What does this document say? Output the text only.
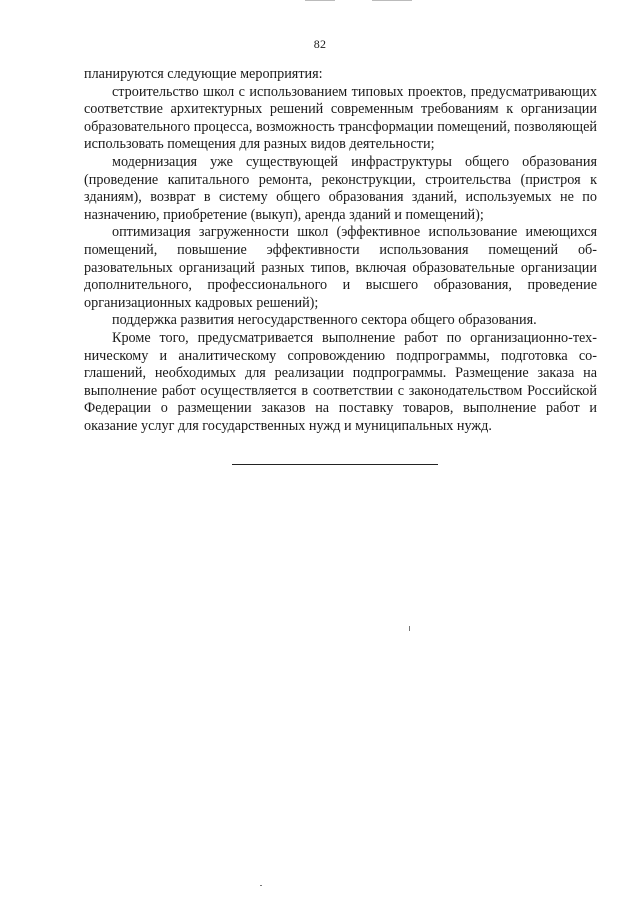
82

планируются следующие мероприятия:

строительство школ с использованием типовых проектов, предусматривающих соответствие архитектурных решений современным требованиям к организации образовательного процесса, возможность трансформации помещений, позволяющей использовать помещения для разных видов деятельности;

модернизация уже существующей инфраструктуры общего образования (проведение капитального ремонта, реконструкции, строительства (пристроя к зданиям), возврат в систему общего образования зданий, используемых не по назначению, приобретение (выкуп), аренда зданий и помещений);

оптимизация загруженности школ (эффективное использование имеющихся помещений, повышение эффективности использования помещений образовательных организаций разных типов, включая образовательные организации дополнительного, профессионального и высшего образования, проведение организационных кадровых решений);

поддержка развития негосударственного сектора общего образования.

Кроме того, предусматривается выполнение работ по организационно-техническому и аналитическому сопровождению подпрограммы, подготовка соглашений, необходимых для реализации подпрограммы. Размещение заказа на выполнение работ осуществляется в соответствии с законодательством Российской Федерации о размещении заказов на поставку товаров, выполнение работ и оказание услуг для государственных нужд и муниципальных нужд.
